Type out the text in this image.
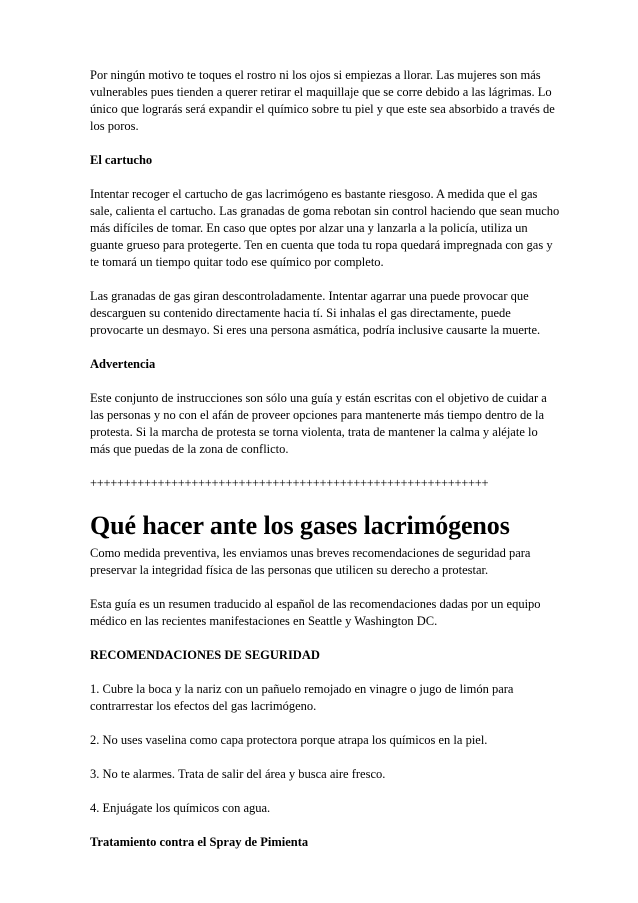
Por ningún motivo te toques el rostro ni los ojos si empiezas a llorar. Las mujeres son más vulnerables pues tienden a querer retirar el maquillaje que se corre debido a las lágrimas. Lo único que lograrás será expandir el químico sobre tu piel y que este sea absorbido a través de los poros.

El cartucho

Intentar recoger el cartucho de gas lacrimógeno es bastante riesgoso. A medida que el gas sale, calienta el cartucho. Las granadas de goma rebotan sin control haciendo que sean mucho más difíciles de tomar. En caso que optes por alzar una y lanzarla a la policía, utiliza un guante grueso para protegerte. Ten en cuenta que toda tu ropa quedará impregnada con gas y te tomará un tiempo quitar todo ese químico por completo.

Las granadas de gas giran descontroladamente. Intentar agarrar una puede provocar que descarguen su contenido directamente hacia tí. Si inhalas el gas directamente, puede provocarte un desmayo. Si eres una persona asmática, podría inclusive causarte la muerte.

Advertencia

Este conjunto de instrucciones son sólo una guía y están escritas con el objetivo de cuidar a las personas y no con el afán de proveer opciones para mantenerte más tiempo dentro de la protesta. Si la marcha de protesta se torna violenta, trata de mantener la calma y aléjate lo más que puedas de la zona de conflicto.

+++++++++++++++++++++++++++++++++++++++++++++++++++++++++++

Qué hacer ante los gases lacrimógenos

Como medida preventiva, les enviamos unas breves recomendaciones de seguridad para preservar la integridad física de las personas que utilicen su derecho a protestar.

Esta guía es un resumen traducido al español de las recomendaciones dadas por un equipo médico en las recientes manifestaciones en Seattle y Washington DC.

RECOMENDACIONES DE SEGURIDAD

1. Cubre la boca y la nariz con un pañuelo remojado en vinagre o jugo de limón para contrarrestar los efectos del gas lacrimógeno.

2. No uses vaselina como capa protectora porque atrapa los químicos en la piel.

3. No te alarmes. Trata de salir del área y busca aire fresco.

4. Enjuágate los químicos con agua.

Tratamiento contra el Spray de Pimienta
